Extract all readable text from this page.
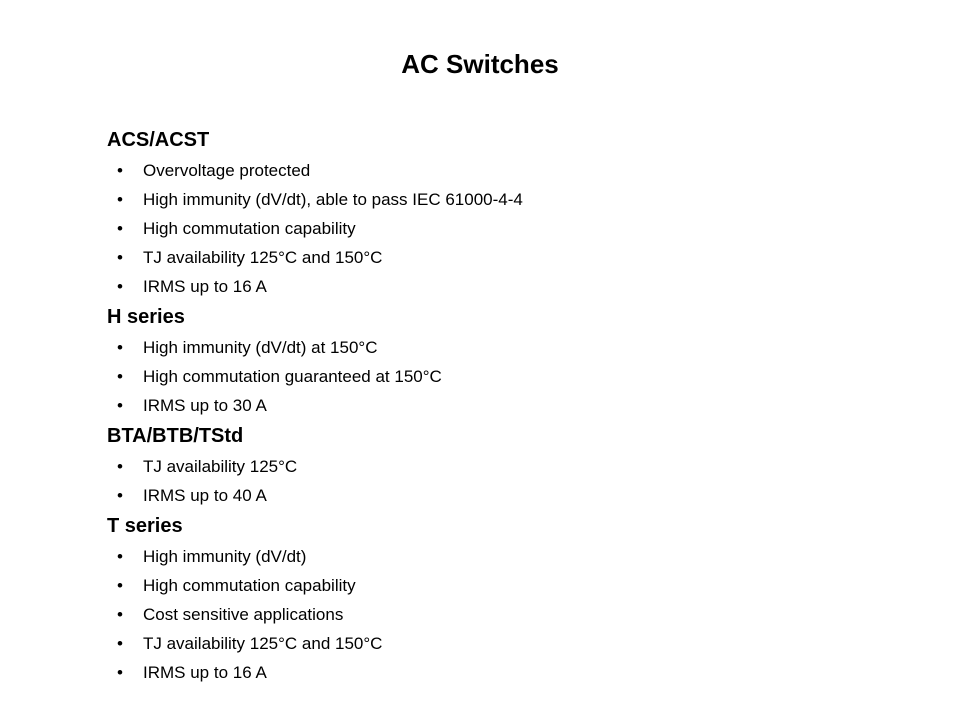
AC Switches
ACS/ACST
• Overvoltage protected
• High immunity (dV/dt), able to pass IEC 61000-4-4
• High commutation capability
• TJ availability 125°C and 150°C
• IRMS up to 16 A
H series
• High immunity (dV/dt) at 150°C
• High commutation guaranteed at 150°C
• IRMS up to 30 A
BTA/BTB/TStd
• TJ availability 125°C
• IRMS up to 40 A
T series
• High immunity (dV/dt)
• High commutation capability
• Cost sensitive applications
• TJ availability 125°C and 150°C
• IRMS up to 16 A
